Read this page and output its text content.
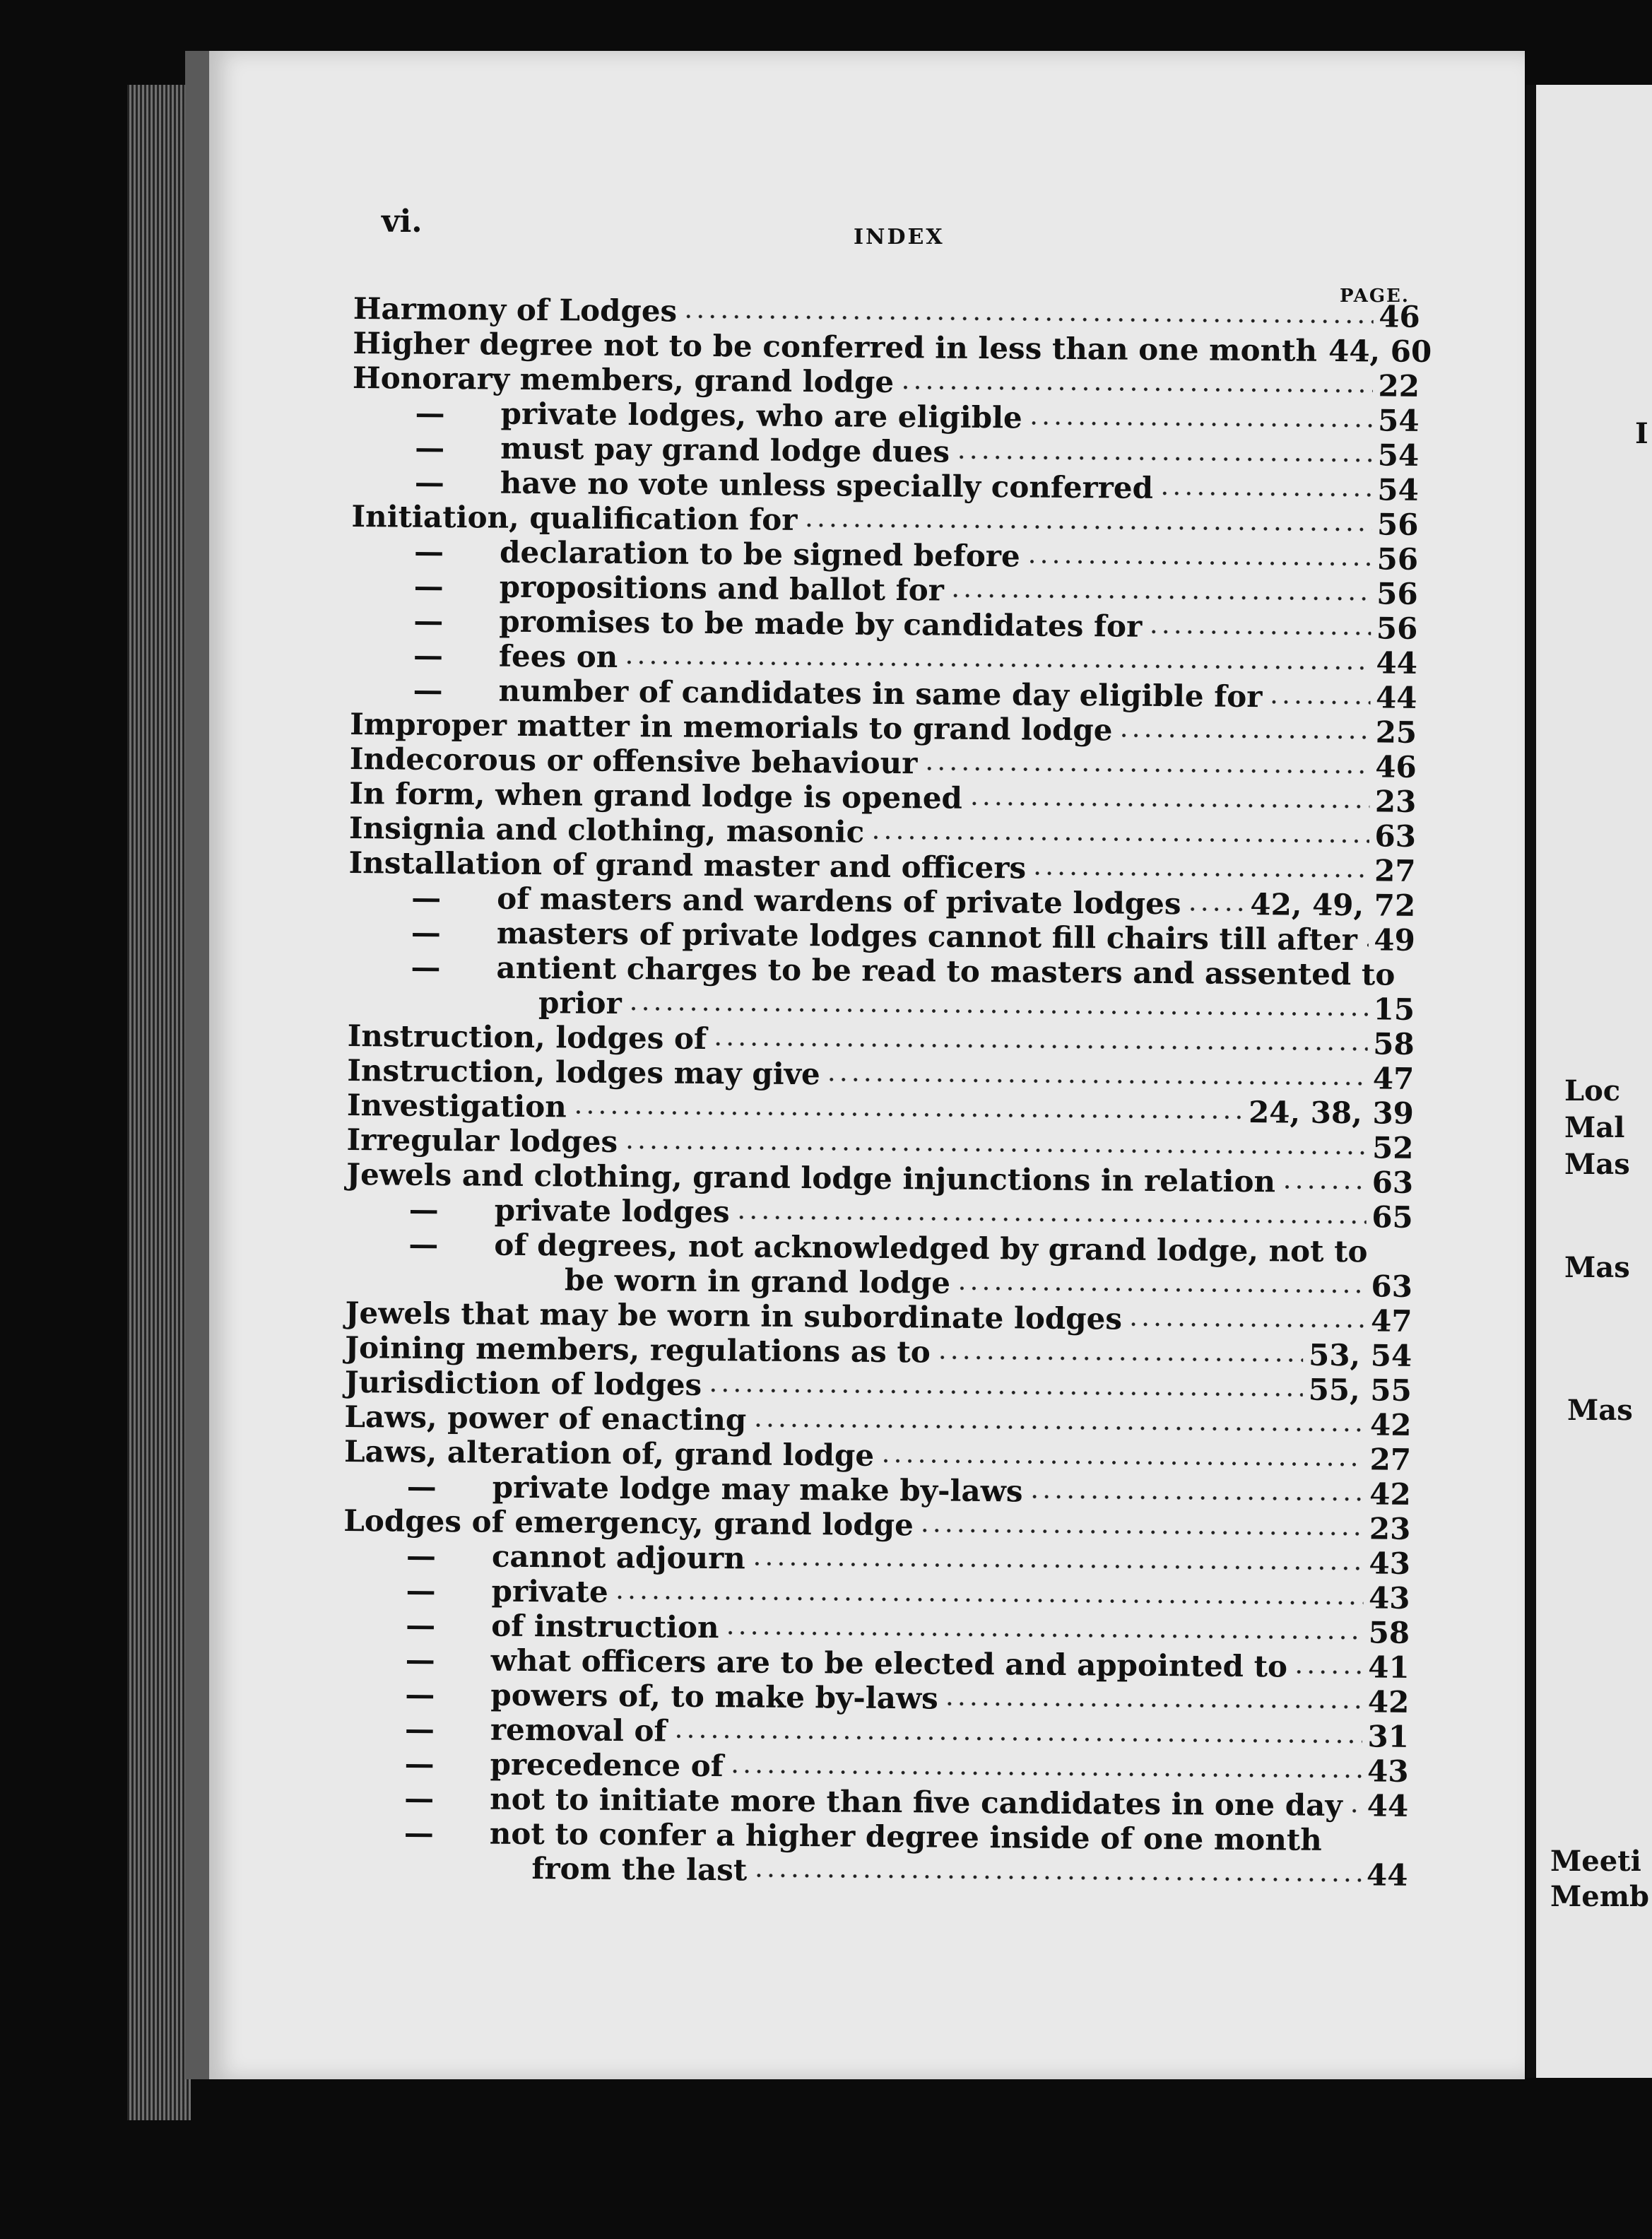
vi.	INDEX
PAGE.
Harmony of Lodges	46
Higher degree not to be conferred in less than one month 44, 60
Honorary members, grand lodge	22
—	private lodges, who are eligible	54
—	must pay grand lodge dues	54
—	have no vote unless specially conferred	54
Initiation, qualification for	56
—	declaration to be signed before	56
—	propositions and ballot for	56
—	promises to be made by candidates for	56
—	fees on	44
—	number of candidates in same day eligible for	44
Improper matter in memorials to grand lodge	25
Indecorous or offensive behaviour	46
In form, when grand lodge is opened	23
Insignia and clothing, masonic	63
Installation of grand master and officers	27
—	of masters and wardens of private lodges 42, 49, 72
—	masters of private lodges cannot fill chairs till after 49
—	antient charges to be read to masters and assented to
prior	15
Instruction, lodges of	58
Instruction, lodges may give	47
Investigation	24, 38, 39
Irregular lodges	52
Jewels and clothing, grand lodge injunctions in relation	63
—	private lodges	65
—	of degrees, not acknowledged by grand lodge, not to
be worn in grand lodge	63
Jewels that may be worn in subordinate lodges	47
Joining members, regulations as to	53, 54
Jurisdiction of lodges	55, 55
Laws, power of enacting	42
Laws, alteration of, grand lodge	27
—	private lodge may make by-laws	42
Lodges of emergency, grand lodge	23
—	cannot adjourn	43
—	private	43
—	of instruction	58
—	what officers are to be elected and appointed to	41
—	powers of, to make by-laws	42
—	removal of	31
—	precedence of	43
—	not to initiate more than five candidates in one day 44
—	not to confer a higher degree inside of one month
from the last	44
I
Loc
Mal
Mas
Mas
Mas
Meeti
Memb
